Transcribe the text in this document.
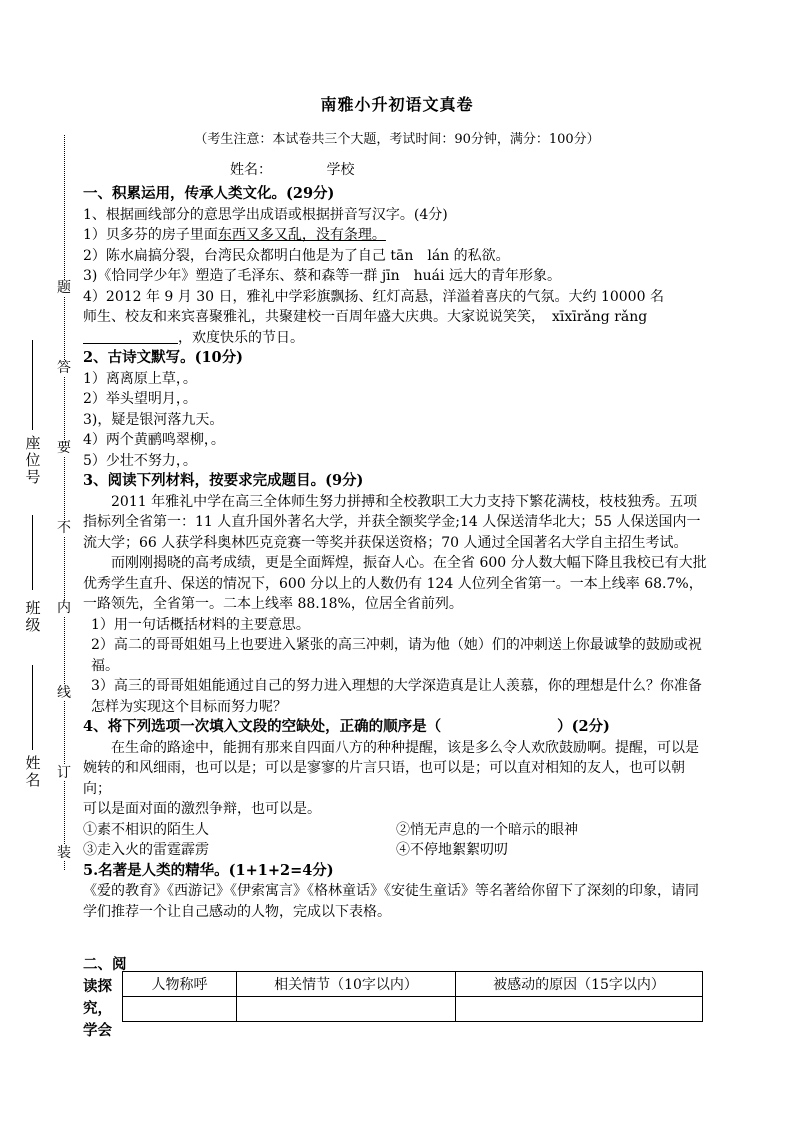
题
答
要
不
内
线
订
装
座位号
班级
姓名
南雅小升初语文真卷
（考生注意：本试卷共三个大题，考试时间：90分钟，满分：100分）
姓名：	学校

一、积累运用，传承人类文化。(29分)

1、根据画线部分的意思学出成语或根据拼音写汉字。(4分)

1）贝多芬的房子里面东西又多又乱，没有条理。

2）陈水扁搞分裂，台湾民众都明白他是为了自己 tān　lán 的私欲。

3)《恰同学少年》塑造了毛泽东、蔡和森等一群 jīn　huái 远大的青年形象。

4）2012 年 9 月 30 日，雅礼中学彩旗飘扬、红灯高悬，洋溢着喜庆的气氛。大约 10000 名

师生、校友和来宾喜聚雅礼，共聚建校一百周年盛大庆典。大家说说笑笑，　xīxīrǎng rǎng

，欢度快乐的节日。

2、古诗文默写。(10分)

1）离离原上草，。

2）举头望明月，。

3)，疑是银河落九天。

4）两个黄鹂鸣翠柳，。

5）少壮不努力，。

3、阅读下列材料，按要求完成题目。(9分)

2011 年雅礼中学在高三全体师生努力拼搏和全校教职工大力支持下繁花满枝，枝枝独秀。五项指标列全省第一：11 人直升国外著名大学，并获全额奖学金;14 人保送清华北大；55 人保送国内一流大学；66 人获学科奥林匹克竞赛一等奖并获保送资格；70 人通过全国著名大学自主招生考试。

而刚刚揭晓的高考成绩，更是全面辉煌，振奋人心。在全省 600 分人数大幅下降且我校已有大批优秀学生直升、保送的情况下，600 分以上的人数仍有 124 人位列全省第一。一本上线率 68.7%，一路领先，全省第一。二本上线率 88.18%，位居全省前列。

1）用一句话概括材料的主要意思。

2）高二的哥哥姐姐马上也要进入紧张的高三冲刺，请为他（她）们的冲刺送上你最诚挚的鼓励或祝福。

3）高三的哥哥姐姐能通过自己的努力进入理想的大学深造真是让人羡慕，你的理想是什么？你准备怎样为实现这个目标而努力呢？

4、将下列选项一次填入文段的空缺处，正确的顺序是（　　　　　　　　）(2分)

在生命的路途中，能拥有那来自四面八方的种种提醒，该是多么令人欢欣鼓励啊。提醒，可以是婉转的和风细雨，也可以是；可以是寥寥的片言只语，也可以是；可以直对相知的友人，也可以朝向；

可以是面对面的激烈争辩，也可以是。

①素不相识的陌生人	②悄无声息的一个暗示的眼神

③走入火的雷霆霹雳	④不停地絮絮叨叨

5.名著是人类的精华。(1+1+2=4分)

《爱的教育》《西游记》《伊索寓言》《格林童话》《安徒生童话》等名著给你留下了深刻的印象，请同学们推荐一个让自己感动的人物，完成以下表格。

二、阅
读探
究，
学会
人物称呼	相关情节（10字以内）	被感动的原因（15字以内）
